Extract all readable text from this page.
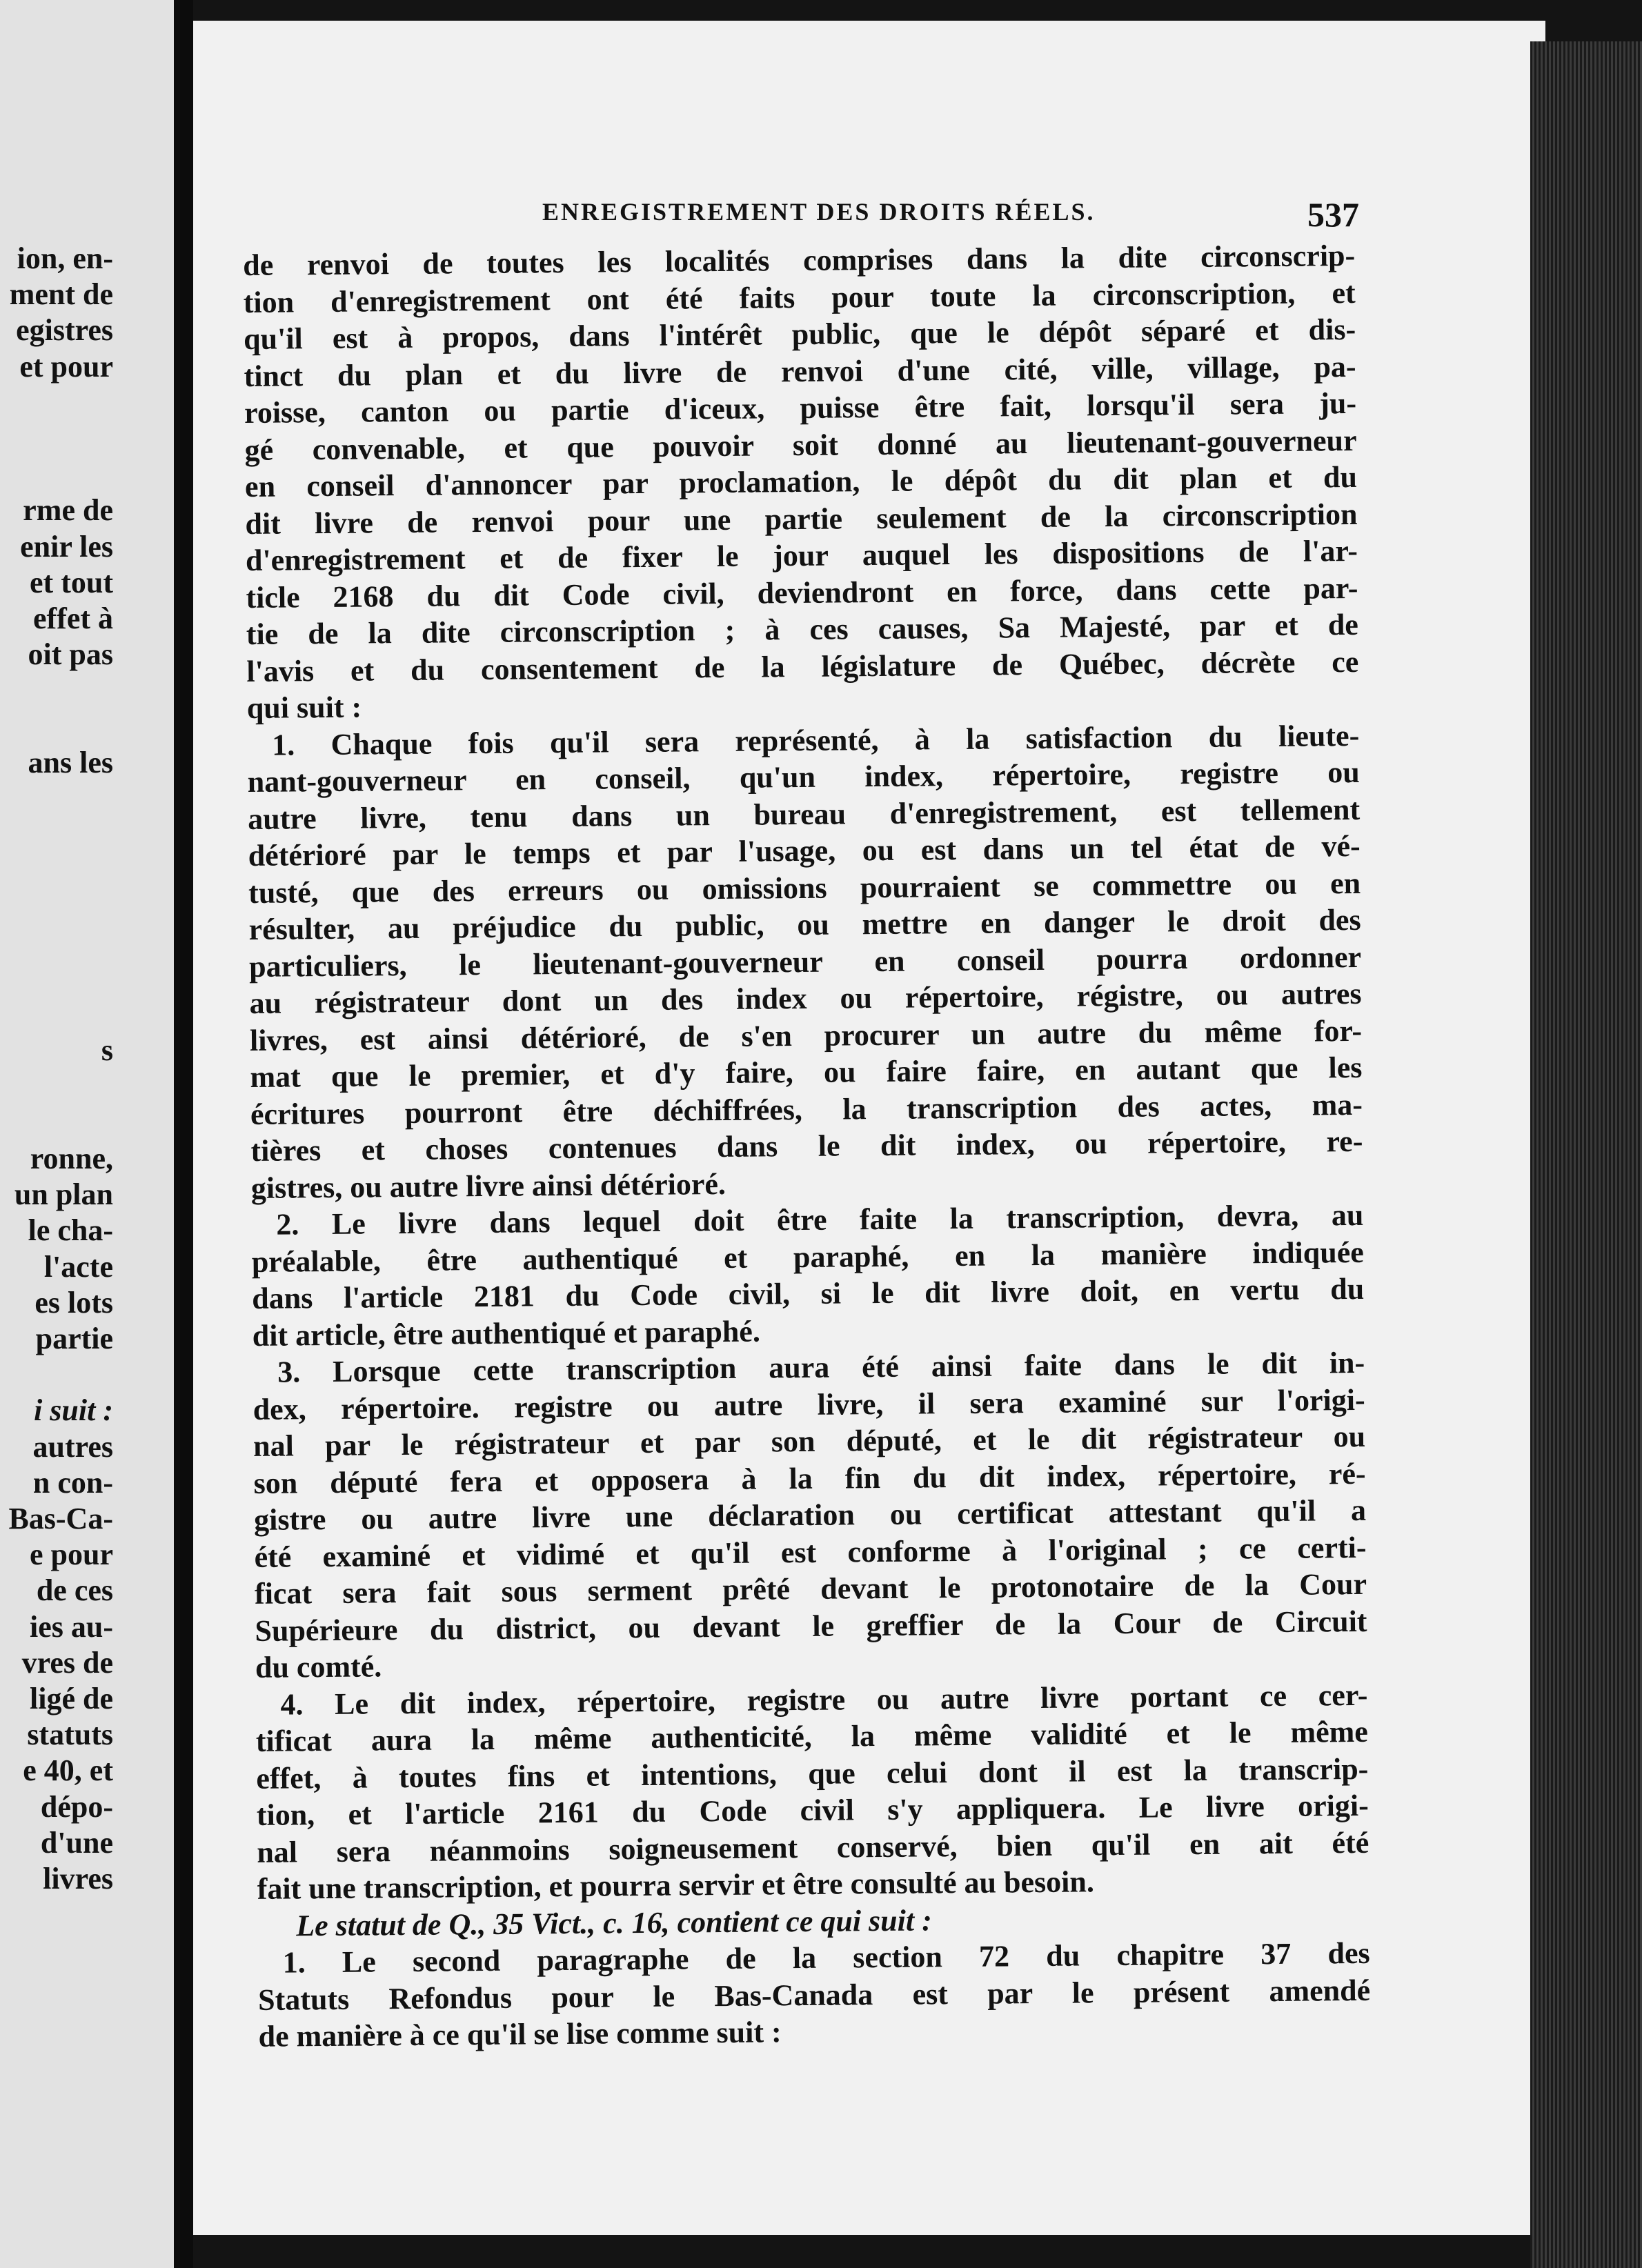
ion, en-
ment de
egistres
et pour
rme de
enir les
et tout
effet à
oit pas
ans les
s
ronne,
un plan
le cha-
l'acte
es lots
partie
i suit :
autres
n con-
Bas-Ca-
e pour
de ces
ies au-
vres de
ligé de
statuts
e 40, et
dépo-
d'une
livres
ENREGISTREMENT DES DROITS RÉELS.	537
de renvoi de toutes les localités comprises dans la dite circonscrip-
tion d'enregistrement ont été faits pour toute la circonscription, et
qu'il est à propos, dans l'intérêt public, que le dépôt séparé et dis-
tinct du plan et du livre de renvoi d'une cité, ville, village, pa-
roisse, canton ou partie d'iceux, puisse être fait, lorsqu'il sera ju-
gé convenable, et que pouvoir soit donné au lieutenant-gouverneur
en conseil d'annoncer par proclamation, le dépôt du dit plan et du
dit livre de renvoi pour une partie seulement de la circonscription
d'enregistrement et de fixer le jour auquel les dispositions de l'ar-
ticle 2168 du dit Code civil, deviendront en force, dans cette par-
tie de la dite circonscription ; à ces causes, Sa Majesté, par et de
l'avis et du consentement de la législature de Québec, décrète ce
qui suit :
1. Chaque fois qu'il sera représenté, à la satisfaction du lieute-
nant-gouverneur en conseil, qu'un index, répertoire, registre ou
autre livre, tenu dans un bureau d'enregistrement, est tellement
détérioré par le temps et par l'usage, ou est dans un tel état de vé-
tusté, que des erreurs ou omissions pourraient se commettre ou en
résulter, au préjudice du public, ou mettre en danger le droit des
particuliers, le lieutenant-gouverneur en conseil pourra ordonner
au régistrateur dont un des index ou répertoire, régistre, ou autres
livres, est ainsi détérioré, de s'en procurer un autre du même for-
mat que le premier, et d'y faire, ou faire faire, en autant que les
écritures pourront être déchiffrées, la transcription des actes, ma-
tières et choses contenues dans le dit index, ou répertoire, re-
gistres, ou autre livre ainsi détérioré.
2. Le livre dans lequel doit être faite la transcription, devra, au
préalable, être authentiqué et paraphé, en la manière indiquée
dans l'article 2181 du Code civil, si le dit livre doit, en vertu du
dit article, être authentiqué et paraphé.
3. Lorsque cette transcription aura été ainsi faite dans le dit in-
dex, répertoire. registre ou autre livre, il sera examiné sur l'origi-
nal par le régistrateur et par son député, et le dit régistrateur ou
son député fera et opposera à la fin du dit index, répertoire, ré-
gistre ou autre livre une déclaration ou certificat attestant qu'il a
été examiné et vidimé et qu'il est conforme à l'original ; ce certi-
ficat sera fait sous serment prêté devant le protonotaire de la Cour
Supérieure du district, ou devant le greffier de la Cour de Circuit
du comté.
4. Le dit index, répertoire, registre ou autre livre portant ce cer-
tificat aura la même authenticité, la même validité et le même
effet, à toutes fins et intentions, que celui dont il est la transcrip-
tion, et l'article 2161 du Code civil s'y appliquera. Le livre origi-
nal sera néanmoins soigneusement conservé, bien qu'il en ait été
fait une transcription, et pourra servir et être consulté au besoin.
Le statut de Q., 35 Vict., c. 16, contient ce qui suit :
1. Le second paragraphe de la section 72 du chapitre 37 des
Statuts Refondus pour le Bas-Canada est par le présent amendé
de manière à ce qu'il se lise comme suit :
